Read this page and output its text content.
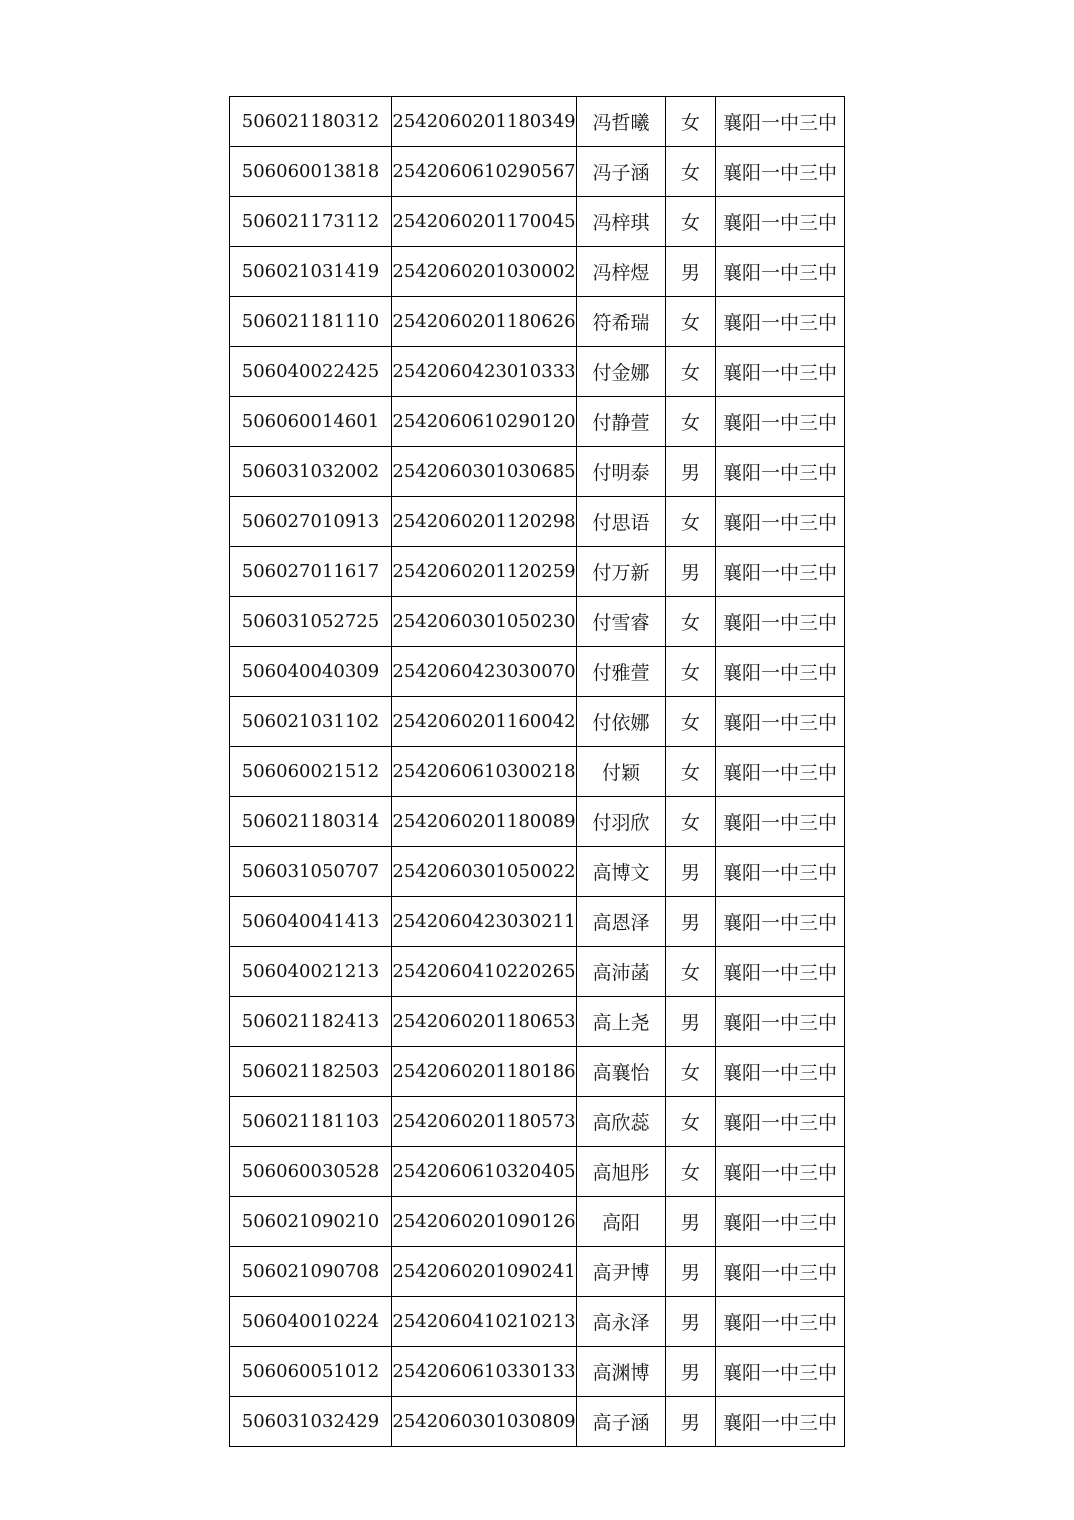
506021180312	2542060201180349	冯哲曦	女	襄阳一中三中
506060013818	2542060610290567	冯子涵	女	襄阳一中三中
506021173112	2542060201170045	冯梓琪	女	襄阳一中三中
506021031419	2542060201030002	冯梓煜	男	襄阳一中三中
506021181110	2542060201180626	符希瑞	女	襄阳一中三中
506040022425	2542060423010333	付金娜	女	襄阳一中三中
506060014601	2542060610290120	付静萱	女	襄阳一中三中
506031032002	2542060301030685	付明泰	男	襄阳一中三中
506027010913	2542060201120298	付思语	女	襄阳一中三中
506027011617	2542060201120259	付万新	男	襄阳一中三中
506031052725	2542060301050230	付雪睿	女	襄阳一中三中
506040040309	2542060423030070	付雅萱	女	襄阳一中三中
506021031102	2542060201160042	付依娜	女	襄阳一中三中
506060021512	2542060610300218	付颖	女	襄阳一中三中
506021180314	2542060201180089	付羽欣	女	襄阳一中三中
506031050707	2542060301050022	高博文	男	襄阳一中三中
506040041413	2542060423030211	高恩泽	男	襄阳一中三中
506040021213	2542060410220265	高沛菡	女	襄阳一中三中
506021182413	2542060201180653	高上尧	男	襄阳一中三中
506021182503	2542060201180186	高襄怡	女	襄阳一中三中
506021181103	2542060201180573	高欣蕊	女	襄阳一中三中
506060030528	2542060610320405	高旭彤	女	襄阳一中三中
506021090210	2542060201090126	高阳	男	襄阳一中三中
506021090708	2542060201090241	高尹博	男	襄阳一中三中
506040010224	2542060410210213	高永泽	男	襄阳一中三中
506060051012	2542060610330133	高渊博	男	襄阳一中三中
506031032429	2542060301030809	高子涵	男	襄阳一中三中
